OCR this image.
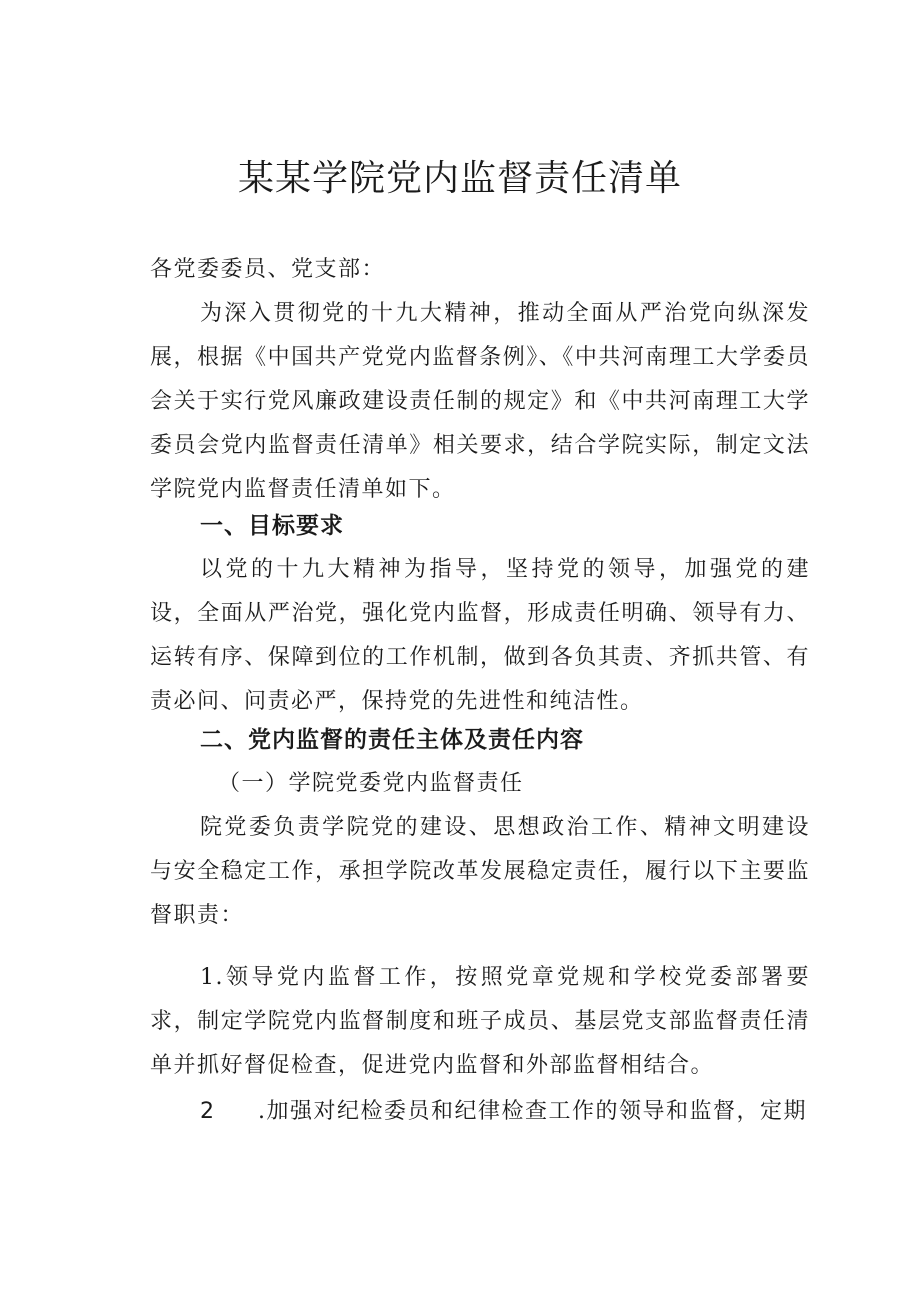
某某学院党内监督责任清单

各党委委员、党支部：

为深入贯彻党的十九大精神，推动全面从严治党向纵深发展，根据《中国共产党党内监督条例》、《中共河南理工大学委员会关于实行党风廉政建设责任制的规定》和《中共河南理工大学委员会党内监督责任清单》相关要求，结合学院实际，制定文法学院党内监督责任清单如下。

一、目标要求

以党的十九大精神为指导，坚持党的领导，加强党的建设，全面从严治党，强化党内监督，形成责任明确、领导有力、运转有序、保障到位的工作机制，做到各负其责、齐抓共管、有责必问、问责必严，保持党的先进性和纯洁性。

二、党内监督的责任主体及责任内容

（一）学院党委党内监督责任

院党委负责学院党的建设、思想政治工作、精神文明建设与安全稳定工作，承担学院改革发展稳定责任，履行以下主要监督职责：

1.领导党内监督工作，按照党章党规和学校党委部署要求，制定学院党内监督制度和班子成员、基层党支部监督责任清单并抓好督促检查，促进党内监督和外部监督相结合。

2 .加强对纪检委员和纪律检查工作的领导和监督，定期
